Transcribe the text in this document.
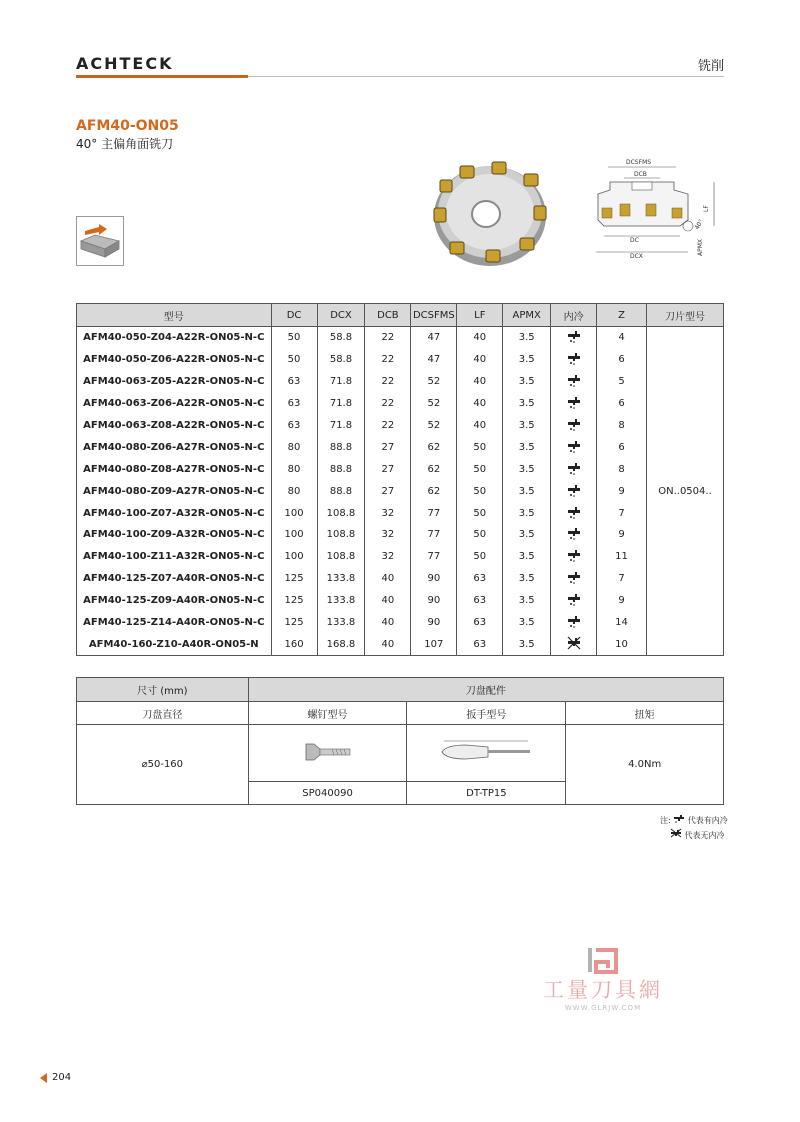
ACHTECK	铣削
AFM40-ON05
40° 主偏角面铣刀
DCSFMS
DCB
DC
DCX
LF
APMX
40°
型号	DC	DCX	DCB	DCSFMS	LF	APMX	内冷	Z	刀片型号
AFM40-050-Z04-A22R-ON05-N-C	50	58.8	22	47	40	3.5		4	ON..0504..
AFM40-050-Z06-A22R-ON05-N-C	50	58.8	22	47	40	3.5		6	
AFM40-063-Z05-A22R-ON05-N-C	63	71.8	22	52	40	3.5		5	
AFM40-063-Z06-A22R-ON05-N-C	63	71.8	22	52	40	3.5		6	
AFM40-063-Z08-A22R-ON05-N-C	63	71.8	22	52	40	3.5		8	
AFM40-080-Z06-A27R-ON05-N-C	80	88.8	27	62	50	3.5		6	
AFM40-080-Z08-A27R-ON05-N-C	80	88.8	27	62	50	3.5		8	
AFM40-080-Z09-A27R-ON05-N-C	80	88.8	27	62	50	3.5		9	
AFM40-100-Z07-A32R-ON05-N-C	100	108.8	32	77	50	3.5		7	
AFM40-100-Z09-A32R-ON05-N-C	100	108.8	32	77	50	3.5		9	
AFM40-100-Z11-A32R-ON05-N-C	100	108.8	32	77	50	3.5		11	
AFM40-125-Z07-A40R-ON05-N-C	125	133.8	40	90	63	3.5		7	
AFM40-125-Z09-A40R-ON05-N-C	125	133.8	40	90	63	3.5		9	
AFM40-125-Z14-A40R-ON05-N-C	125	133.8	40	90	63	3.5		14	
AFM40-160-Z10-A40R-ON05-N	160	168.8	40	107	63	3.5		10	
尺寸 (mm)	刀盘配件		
刀盘直径	螺钉型号	扳手型号	扭矩
⌀50-160			4.0Nm
	SP040090	DT-TP15	
注: 代表有内冷
代表无内冷
工量刀具網
WWW.GLRJW.COM
204
